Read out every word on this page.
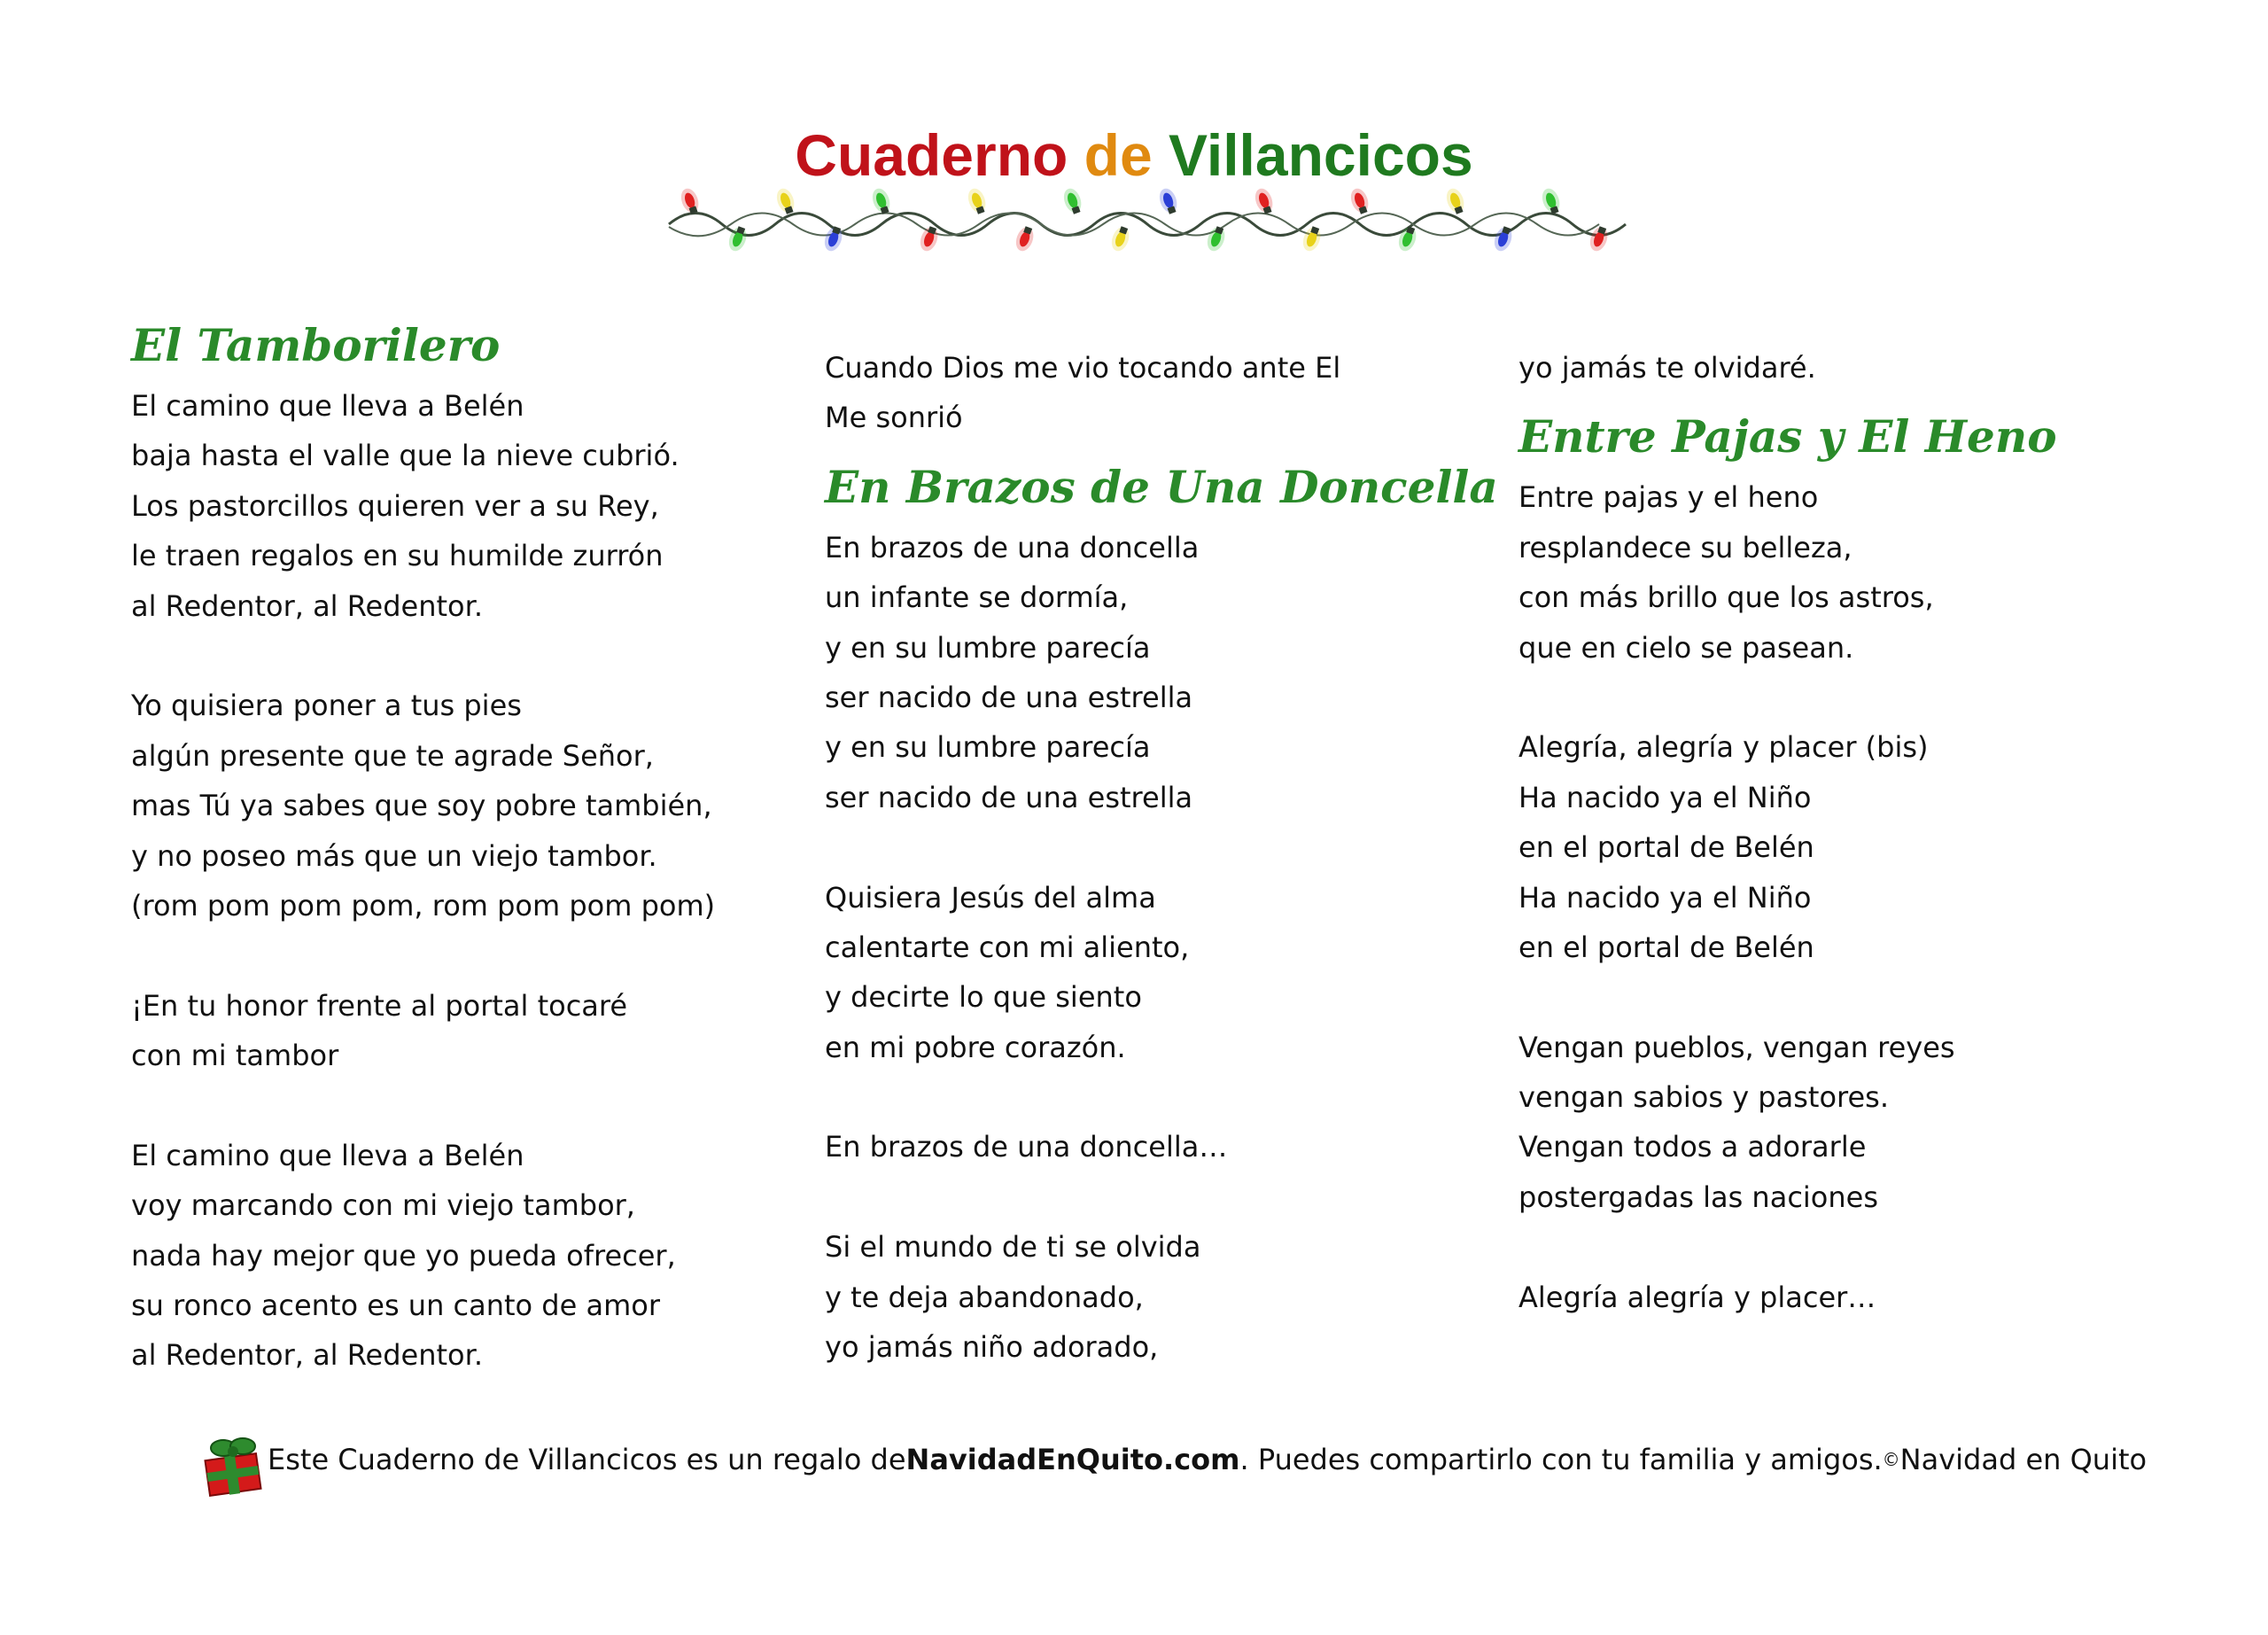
Cuaderno de Villancicos
El Tamborilero
El camino que lleva a Belén
baja hasta el valle que la nieve cubrió.
Los pastorcillos quieren ver a su Rey,
le traen regalos en su humilde zurrón
al Redentor, al Redentor.
Yo quisiera poner a tus pies
algún presente que te agrade Señor,
mas Tú ya sabes que soy pobre también,
y no poseo más que un viejo tambor.
(rom pom pom pom, rom pom pom pom)
¡En tu honor frente al portal tocaré
con mi tambor
El camino que lleva a Belén
voy marcando con mi viejo tambor,
nada hay mejor que yo pueda ofrecer,
su ronco acento es un canto de amor
al Redentor, al Redentor.
Cuando Dios me vio tocando ante El
Me sonrió
En Brazos de Una Doncella
En brazos de una doncella
un infante se dormía,
y en su lumbre parecía
ser nacido de una estrella
y en su lumbre parecía
ser nacido de una estrella
Quisiera Jesús del alma
calentarte con mi aliento,
y decirte lo que siento
en mi pobre corazón.
En brazos de una doncella…
Si el mundo de ti se olvida
y te deja abandonado,
yo jamás niño adorado,
yo jamás te olvidaré.
Entre Pajas y El Heno
Entre pajas y el heno
resplandece su belleza,
con más brillo que los astros,
que en cielo se pasean.
Alegría, alegría y placer (bis)
Ha nacido ya el Niño
en el portal de Belén
Ha nacido ya el Niño
en el portal de Belén
Vengan pueblos, vengan reyes
vengan sabios y pastores.
Vengan todos a adorarle
postergadas las naciones
Alegría alegría y placer…
Este Cuaderno de Villancicos es un regalo de NavidadEnQuito.com . Puedes compartirlo con tu familia y amigos. © Navidad en Quito
